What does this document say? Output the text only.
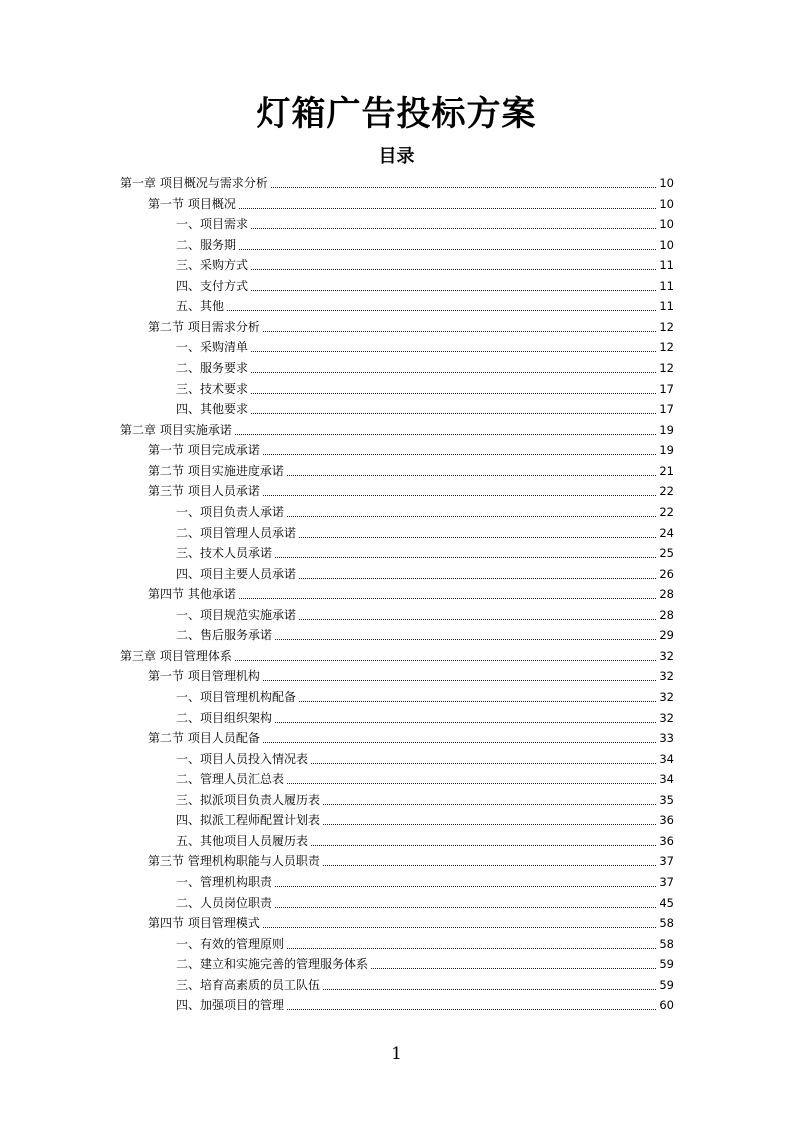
灯箱广告投标方案
目录
第一章 项目概况与需求分析	10
第一节 项目概况	10
一、项目需求	10
二、服务期	10
三、采购方式	11
四、支付方式	11
五、其他	11
第二节 项目需求分析	12
一、采购清单	12
二、服务要求	12
三、技术要求	17
四、其他要求	17
第二章 项目实施承诺	19
第一节 项目完成承诺	19
第二节 项目实施进度承诺	21
第三节 项目人员承诺	22
一、项目负责人承诺	22
二、项目管理人员承诺	24
三、技术人员承诺	25
四、项目主要人员承诺	26
第四节 其他承诺	28
一、项目规范实施承诺	28
二、售后服务承诺	29
第三章 项目管理体系	32
第一节 项目管理机构	32
一、项目管理机构配备	32
二、项目组织架构	32
第二节 项目人员配备	33
一、项目人员投入情况表	34
二、管理人员汇总表	34
三、拟派项目负责人履历表	35
四、拟派工程师配置计划表	36
五、其他项目人员履历表	36
第三节 管理机构职能与人员职责	37
一、管理机构职责	37
二、人员岗位职责	45
第四节 项目管理模式	58
一、有效的管理原则	58
二、建立和实施完善的管理服务体系	59
三、培育高素质的员工队伍	59
四、加强项目的管理	60
1
